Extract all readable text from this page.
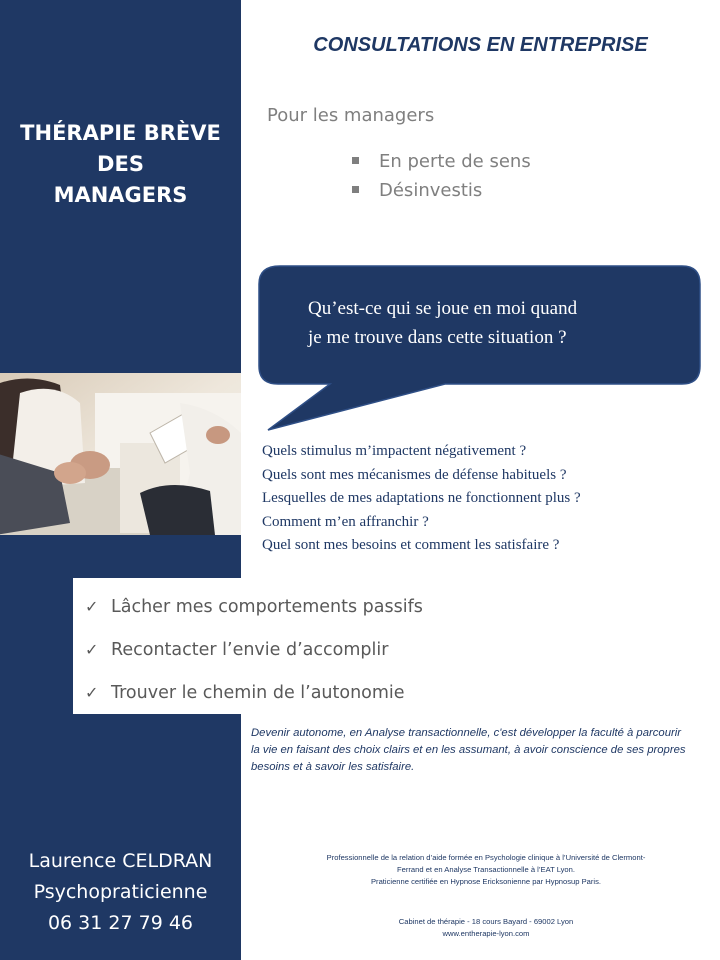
THÉRAPIE BRÈVE
DES
MANAGERS
Laurence CELDRAN
Psychopraticienne
06 31 27 79 46
CONSULTATIONS EN ENTREPRISE
Pour les managers
En perte de sens
Désinvestis
Qu’est-ce qui se joue en moi quand
je me trouve dans cette situation ?
Quels stimulus m’impactent négativement ?
Quels sont mes mécanismes de défense habituels ?
Lesquelles de mes adaptations ne fonctionnent plus ?
Comment m’en affranchir ?
Quel sont mes besoins et comment les satisfaire ?
✓ Lâcher mes comportements passifs
✓ Recontacter l’envie d’accomplir
✓ Trouver le chemin de l’autonomie
Devenir autonome, en Analyse transactionnelle, c'est développer la faculté à parcourir la vie en faisant des choix clairs et en les assumant, à avoir conscience de ses propres besoins et à savoir les satisfaire.
Professionnelle de la relation d’aide formée en Psychologie clinique à l’Université de Clermont-
Ferrand et en Analyse Transactionnelle à l’EAT Lyon.
Praticienne certifiée en Hypnose Ericksonienne par Hypnosup Paris.
Cabinet de thérapie - 18 cours Bayard - 69002 Lyon
www.entherapie-lyon.com
